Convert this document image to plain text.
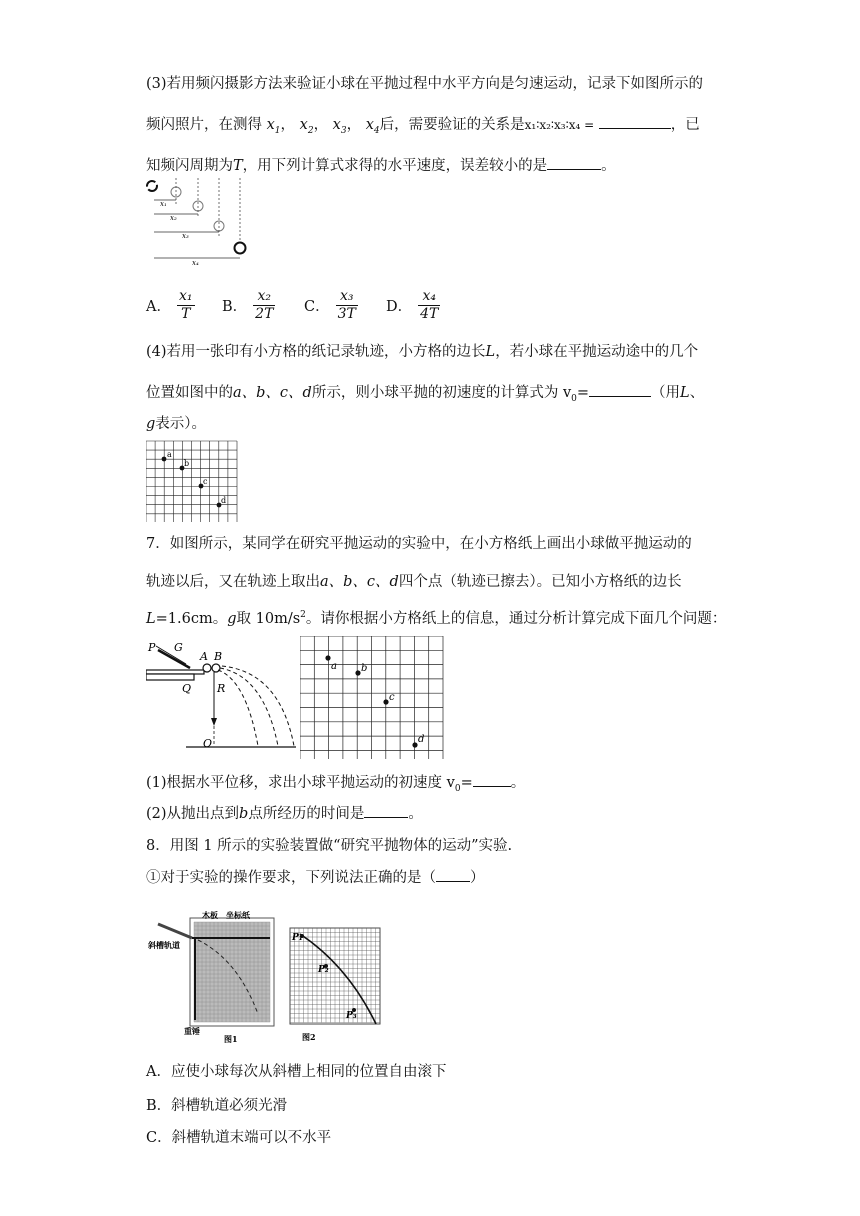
(3)若用频闪摄影方法来验证小球在平抛过程中水平方向是匀速运动，记录下如图所示的
频闪照片，在测得 $x_1$， $x_2$， $x_3$， $x_4$后，需要验证的关系是x₁∶x₂∶x₃∶x₄ =	，已
知频闪周期为T，用下列计算式求得的水平速度，误差较小的是	。
x₁
x₂
x₃
x₄
A． $\frac{\text{x₁}}{T}$ B． $\frac{\text{x₂}}{2T}$ C． $\frac{\text{x₃}}{3T}$ D． $\frac{\text{x₄}}{4T}$
(4)若用一张印有小方格的纸记录轨迹，小方格的边长L，若小球在平抛运动途中的几个
位置如图中的a、b、c、d所示，则小球平抛的初速度的计算式为 $v_0=$	（用L、
g表示）。
a
b
c
d
7．如图所示，某同学在研究平抛运动的实验中，在小方格纸上画出小球做平抛运动的
轨迹以后，又在轨迹上取出a、b、c、d四个点（轨迹已擦去）。已知小方格纸的边长
L=1.6cm。g取 $10m/s^2$。请你根据小方格纸上的信息，通过分析计算完成下面几个问题：
P G
A B
Q R
O
a b
c
d
(1)根据水平位移，求出小球平抛运动的初速度 $v_0=$	。
(2)从抛出点到b点所经历的时间是	。
8．用图 1 所示的实验装置做“研究平抛物体的运动”实验.
①对于实验的操作要求，下列说法正确的是（ ）
木板 坐标纸
斜槽轨道
重锤
图1
P₁
P₂
P₃
图2
A．应使小球每次从斜槽上相同的位置自由滚下
B．斜槽轨道必须光滑
C．斜槽轨道末端可以不水平
